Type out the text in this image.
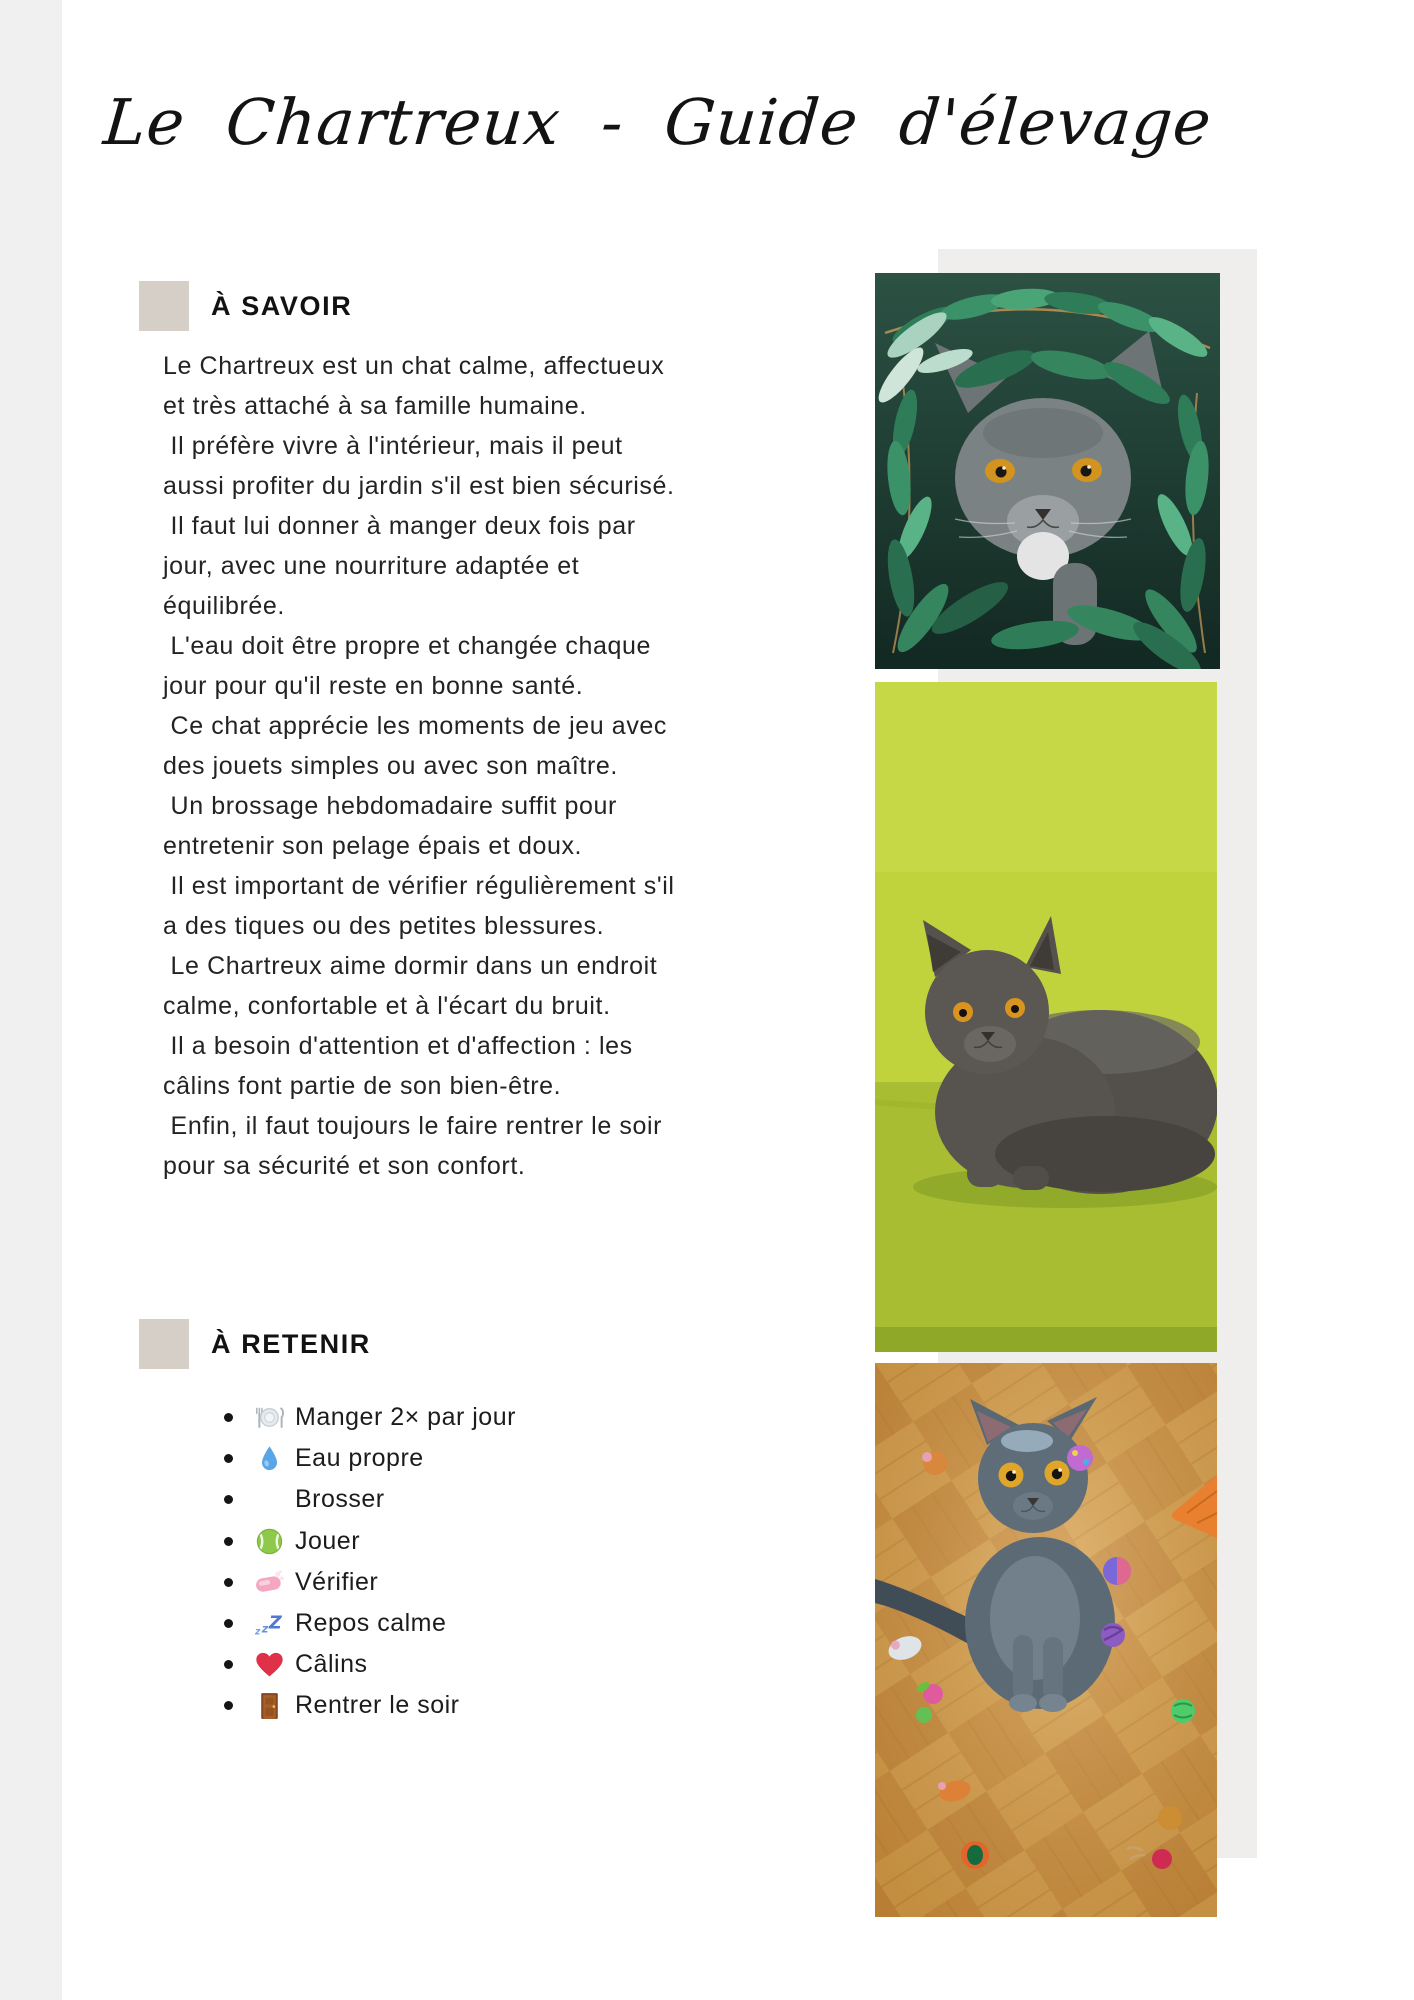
Le Chartreux - Guide d'élevage
À SAVOIR
Le Chartreux est un chat calme, affectueux
et très attaché à sa famille humaine.
Il préfère vivre à l'intérieur, mais il peut
aussi profiter du jardin s'il est bien sécurisé.
Il faut lui donner à manger deux fois par
jour, avec une nourriture adaptée et
équilibrée.
L'eau doit être propre et changée chaque
jour pour qu'il reste en bonne santé.
Ce chat apprécie les moments de jeu avec
des jouets simples ou avec son maître.
Un brossage hebdomadaire suffit pour
entretenir son pelage épais et doux.
Il est important de vérifier régulièrement s'il
a des tiques ou des petites blessures.
Le Chartreux aime dormir dans un endroit
calme, confortable et à l'écart du bruit.
Il a besoin d'attention et d'affection : les
câlins font partie de son bien-être.
Enfin, il faut toujours le faire rentrer le soir
pour sa sécurité et son confort.
À RETENIR
Manger 2× par jour
Eau propre
Brosser
Jouer
Vérifier
Repos calme
Câlins
Rentrer le soir
